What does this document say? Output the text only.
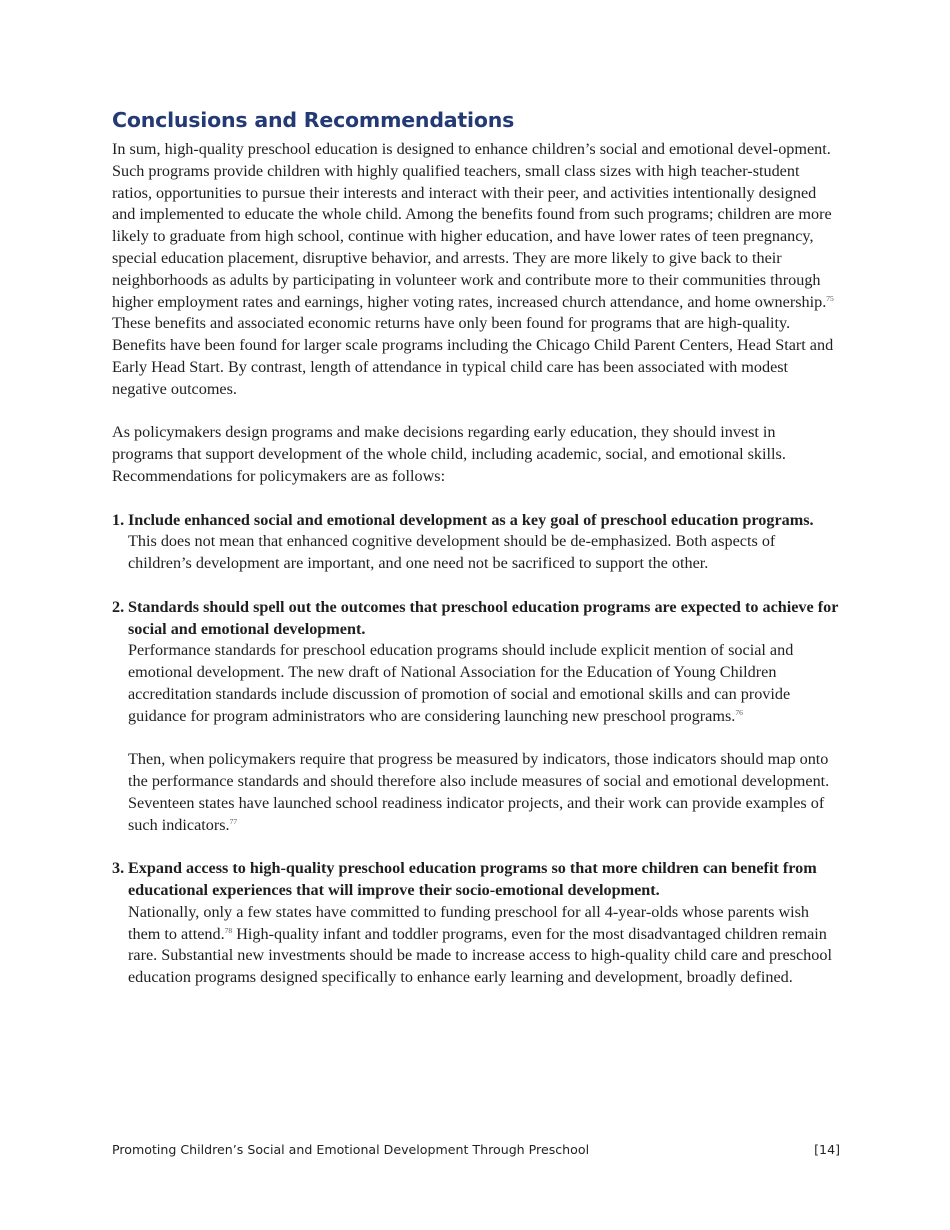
Conclusions and Recommendations

In sum, high-quality preschool education is designed to enhance children’s social and emotional devel-opment. Such programs provide children with highly qualified teachers, small class sizes with high teacher-student ratios, opportunities to pursue their interests and interact with their peer, and activities intentionally designed and implemented to educate the whole child. Among the benefits found from such programs; children are more likely to graduate from high school, continue with higher education, and have lower rates of teen pregnancy, special education placement, disruptive behavior, and arrests. They are more likely to give back to their neighborhoods as adults by participating in volunteer work and contribute more to their communities through higher employment rates and earnings, higher voting rates, increased church attendance, and home ownership.$^{75}$ These benefits and associated economic returns have only been found for programs that are high-quality. Benefits have been found for larger scale programs including the Chicago Child Parent Centers, Head Start and Early Head Start. By contrast, length of attendance in typical child care has been associated with modest negative outcomes.

As policymakers design programs and make decisions regarding early education, they should invest in programs that support development of the whole child, including academic, social, and emotional skills. Recommendations for policymakers are as follows:

1. Include enhanced social and emotional development as a key goal of preschool education programs.

This does not mean that enhanced cognitive development should be de-emphasized. Both aspects of children’s development are important, and one need not be sacrificed to support the other.

2. Standards should spell out the outcomes that preschool education programs are expected to achieve for social and emotional development.

Performance standards for preschool education programs should include explicit mention of social and emotional development. The new draft of National Association for the Education of Young Children accreditation standards include discussion of promotion of social and emotional skills and can provide guidance for program administrators who are considering launching new preschool programs.$^{76}$

Then, when policymakers require that progress be measured by indicators, those indicators should map onto the performance standards and should therefore also include measures of social and emotional development. Seventeen states have launched school readiness indicator projects, and their work can provide examples of such indicators.$^{77}$

3. Expand access to high-quality preschool education programs so that more children can benefit from educational experiences that will improve their socio-emotional development.

Nationally, only a few states have committed to funding preschool for all 4-year-olds whose parents wish them to attend.$^{78}$ High-quality infant and toddler programs, even for the most disadvantaged children remain rare. Substantial new investments should be made to increase access to high-quality child care and preschool education programs designed specifically to enhance early learning and development, broadly defined.

Promoting Children’s Social and Emotional Development Through Preschool	[14]
